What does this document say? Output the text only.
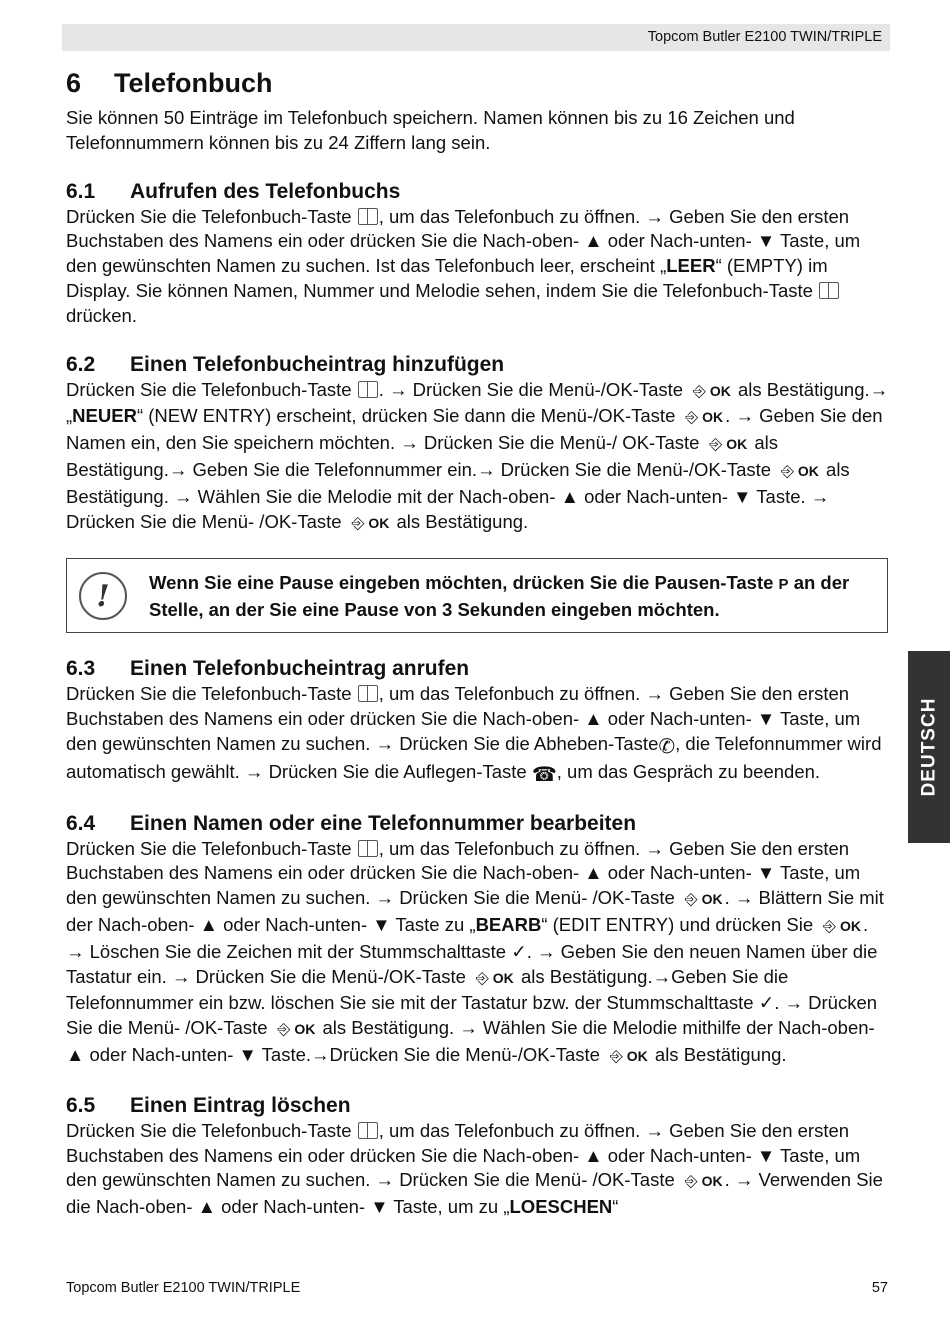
Topcom Butler E2100 TWIN/TRIPLE
6 Telefonbuch

Sie können 50 Einträge im Telefonbuch speichern. Namen können bis zu 16 Zeichen und Telefonnummern können bis zu 24 Ziffern lang sein.

6.1 Aufrufen des Telefonbuchs

Drücken Sie die Telefonbuch-Taste , um das Telefonbuch zu öffnen. → Geben Sie den ersten Buchstaben des Namens ein oder drücken Sie die Nach-oben- ▲ oder Nach-unten- ▼ Taste, um den gewünschten Namen zu suchen. Ist das Telefonbuch leer, erscheint „LEER“ (EMPTY) im Display. Sie können Namen, Nummer und Melodie sehen, indem Sie die Telefonbuch-Taste  drücken.

6.2 Einen Telefonbucheintrag hinzufügen

Drücken Sie die Telefonbuch-Taste . → Drücken Sie die Menü-/OK-Taste ⎆ OK als Bestätigung.→ „NEUER“ (NEW ENTRY) erscheint, drücken Sie dann die Menü-/OK-Taste ⎆ OK . → Geben Sie den Namen ein, den Sie speichern möchten. → Drücken Sie die Menü-/ OK-Taste ⎆ OK als Bestätigung.→ Geben Sie die Telefonnummer ein.→ Drücken Sie die Menü-/OK-Taste ⎆ OK als Bestätigung. → Wählen Sie die Melodie mit der Nach-oben- ▲ oder Nach-unten- ▼ Taste. → Drücken Sie die Menü- /OK-Taste ⎆ OK als Bestätigung.

!	Wenn Sie eine Pause eingeben möchten, drücken Sie die Pausen-Taste P an der Stelle, an der Sie eine Pause von 3 Sekunden eingeben möchten.
6.3 Einen Telefonbucheintrag anrufen

Drücken Sie die Telefonbuch-Taste , um das Telefonbuch zu öffnen. → Geben Sie den ersten Buchstaben des Namens ein oder drücken Sie die Nach-oben- ▲ oder Nach-unten- ▼ Taste, um den gewünschten Namen zu suchen. → Drücken Sie die Abheben-Taste✆, die Telefonnummer wird automatisch gewählt. → Drücken Sie die Auflegen-Taste ☎, um das Gespräch zu beenden.

6.4 Einen Namen oder eine Telefonnummer bearbeiten

Drücken Sie die Telefonbuch-Taste , um das Telefonbuch zu öffnen. → Geben Sie den ersten Buchstaben des Namens ein oder drücken Sie die Nach-oben- ▲ oder Nach-unten- ▼ Taste, um den gewünschten Namen zu suchen. → Drücken Sie die Menü- /OK-Taste ⎆ OK . → Blättern Sie mit der Nach-oben- ▲ oder Nach-unten- ▼ Taste zu „BEARB“ (EDIT ENTRY) und drücken Sie ⎆ OK . → Löschen Sie die Zeichen mit der Stummschalttaste ✓. → Geben Sie den neuen Namen über die Tastatur ein. → Drücken Sie die Menü-/OK-Taste ⎆ OK als Bestätigung.→Geben Sie die Telefonnummer ein bzw. löschen Sie sie mit der Tastatur bzw. der Stummschalttaste ✓. → Drücken Sie die Menü- /OK-Taste ⎆ OK als Bestätigung. → Wählen Sie die Melodie mithilfe der Nach-oben- ▲ oder Nach-unten- ▼ Taste.→Drücken Sie die Menü-/OK-Taste ⎆ OK als Bestätigung.

6.5 Einen Eintrag löschen

Drücken Sie die Telefonbuch-Taste , um das Telefonbuch zu öffnen. → Geben Sie den ersten Buchstaben des Namens ein oder drücken Sie die Nach-oben- ▲ oder Nach-unten- ▼ Taste, um den gewünschten Namen zu suchen. → Drücken Sie die Menü- /OK-Taste ⎆ OK . → Verwenden Sie die Nach-oben- ▲ oder Nach-unten- ▼ Taste, um zu „LOESCHEN“

DEUTSCH
Topcom Butler E2100 TWIN/TRIPLE	57
